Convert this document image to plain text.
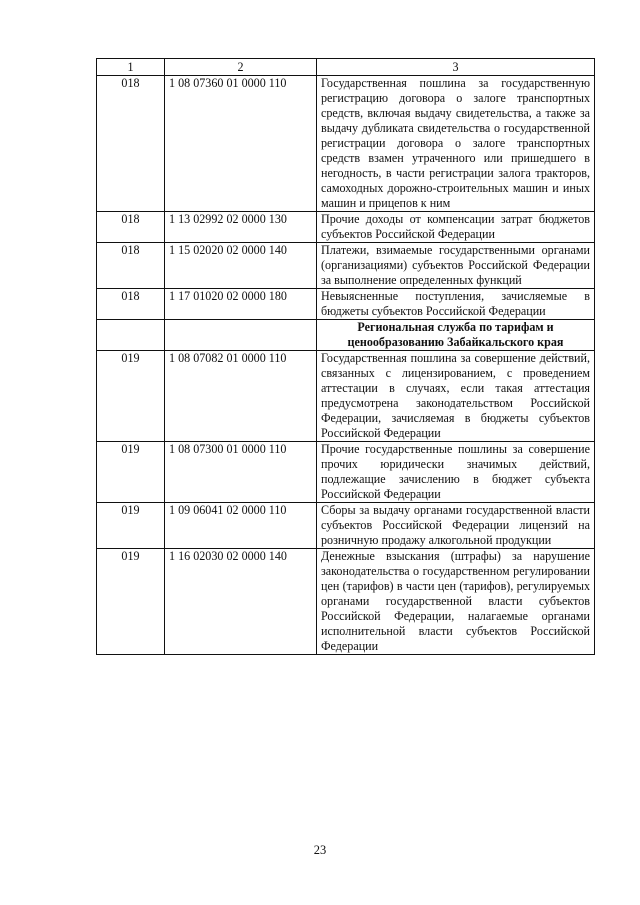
1	2	3
018	1 08 07360 01 0000 110	Государственная пошлина за государственную регистрацию договора о залоге транспортных средств, включая выдачу свидетельства, а также за выдачу дубликата свидетельства о государственной регистрации договора о залоге транспортных средств взамен утраченного или пришедшего в негодность, в части регистрации залога тракторов, самоходных дорожно-строительных машин и иных машин и прицепов к ним
018	1 13 02992 02 0000 130	Прочие доходы от компенсации затрат бюджетов субъектов Российской Федерации
018	1 15 02020 02 0000 140	Платежи, взимаемые государственными органами (организациями) субъектов Российской Федерации за выполнение определенных функций
018	1 17 01020 02 0000 180	Невыясненные поступления, зачисляемые в бюджеты субъектов Российской Федерации
		Региональная служба по тарифам и ценообразованию Забайкальского края
019	1 08 07082 01 0000 110	Государственная пошлина за совершение действий, связанных с лицензированием, с проведением аттестации в случаях, если такая аттестация предусмотрена законодательством Российской Федерации, зачисляемая в бюджеты субъектов Российской Федерации
019	1 08 07300 01 0000 110	Прочие государственные пошлины за совершение прочих юридически значимых действий, подлежащие зачислению в бюджет субъекта Российской Федерации
019	1 09 06041 02 0000 110	Сборы за выдачу органами государственной власти субъектов Российской Федерации лицензий на розничную продажу алкогольной продукции
019	1 16 02030 02 0000 140	Денежные взыскания (штрафы) за нарушение законодательства о государственном регулировании цен (тарифов) в части цен (тарифов), регулируемых органами государственной власти субъектов Российской Федерации, налагаемые органами исполнительной власти субъектов Российской Федерации
23
